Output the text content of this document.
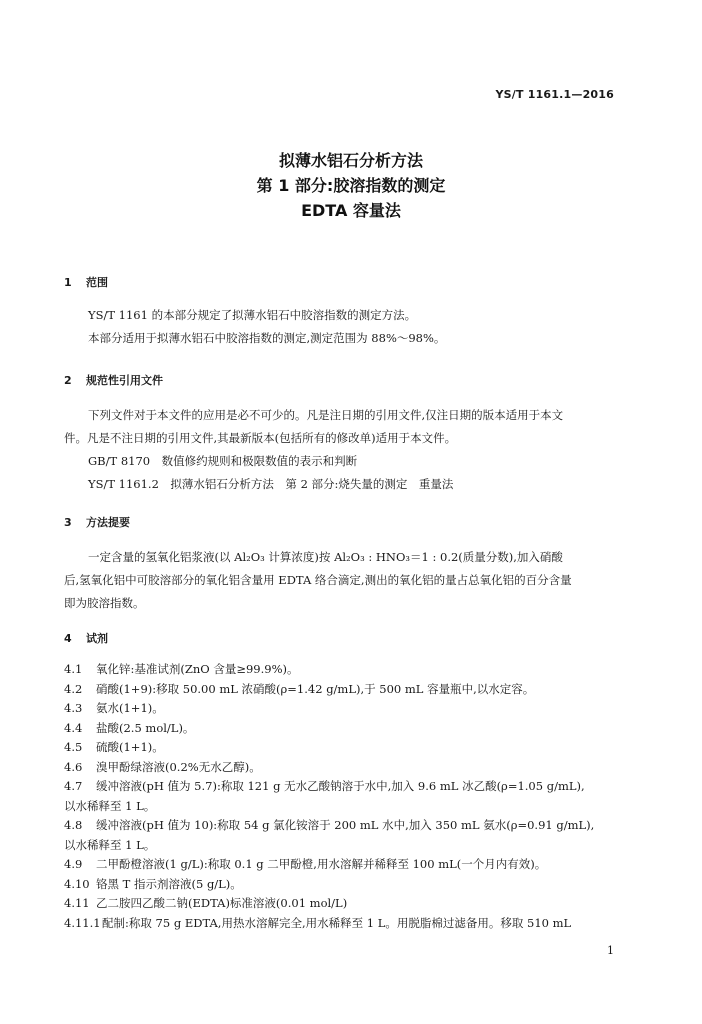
YS/T 1161.1—2016
拟薄水铝石分析方法
第 1 部分:胶溶指数的测定
EDTA 容量法
1 范围
YS/T 1161 的本部分规定了拟薄水铝石中胶溶指数的测定方法。
本部分适用于拟薄水铝石中胶溶指数的测定,测定范围为 88%～98%。
2 规范性引用文件
下列文件对于本文件的应用是必不可少的。凡是注日期的引用文件,仅注日期的版本适用于本文
件。凡是不注日期的引用文件,其最新版本(包括所有的修改单)适用于本文件。
GB/T 8170　数值修约规则和极限数值的表示和判断
YS/T 1161.2　拟薄水铝石分析方法　第 2 部分:烧失量的测定　重量法
3 方法提要
一定含量的氢氧化铝浆液(以 Al₂O₃ 计算浓度)按 Al₂O₃ : HNO₃＝1 : 0.2(质量分数),加入硝酸
后,氢氧化铝中可胶溶部分的氧化铝含量用 EDTA 络合滴定,测出的氧化铝的量占总氧化铝的百分含量
即为胶溶指数。
4 试剂
4.1 氧化锌:基准试剂(ZnO 含量≥99.9%)。
4.2 硝酸(1+9):移取 50.00 mL 浓硝酸(ρ=1.42 g/mL),于 500 mL 容量瓶中,以水定容。
4.3 氨水(1+1)。
4.4 盐酸(2.5 mol/L)。
4.5 硫酸(1+1)。
4.6 溴甲酚绿溶液(0.2%无水乙醇)。
4.7 缓冲溶液(pH 值为 5.7):称取 121 g 无水乙酸钠溶于水中,加入 9.6 mL 冰乙酸(ρ=1.05 g/mL),
以水稀释至 1 L。
4.8 缓冲溶液(pH 值为 10):称取 54 g 氯化铵溶于 200 mL 水中,加入 350 mL 氨水(ρ=0.91 g/mL),
以水稀释至 1 L。
4.9 二甲酚橙溶液(1 g/L):称取 0.1 g 二甲酚橙,用水溶解并稀释至 100 mL(一个月内有效)。
4.10 铬黑 T 指示剂溶液(5 g/L)。
4.11 乙二胺四乙酸二钠(EDTA)标准溶液(0.01 mol/L)
4.11.1配制:称取 75 g EDTA,用热水溶解完全,用水稀释至 1 L。用脱脂棉过滤备用。移取 510 mL
1
